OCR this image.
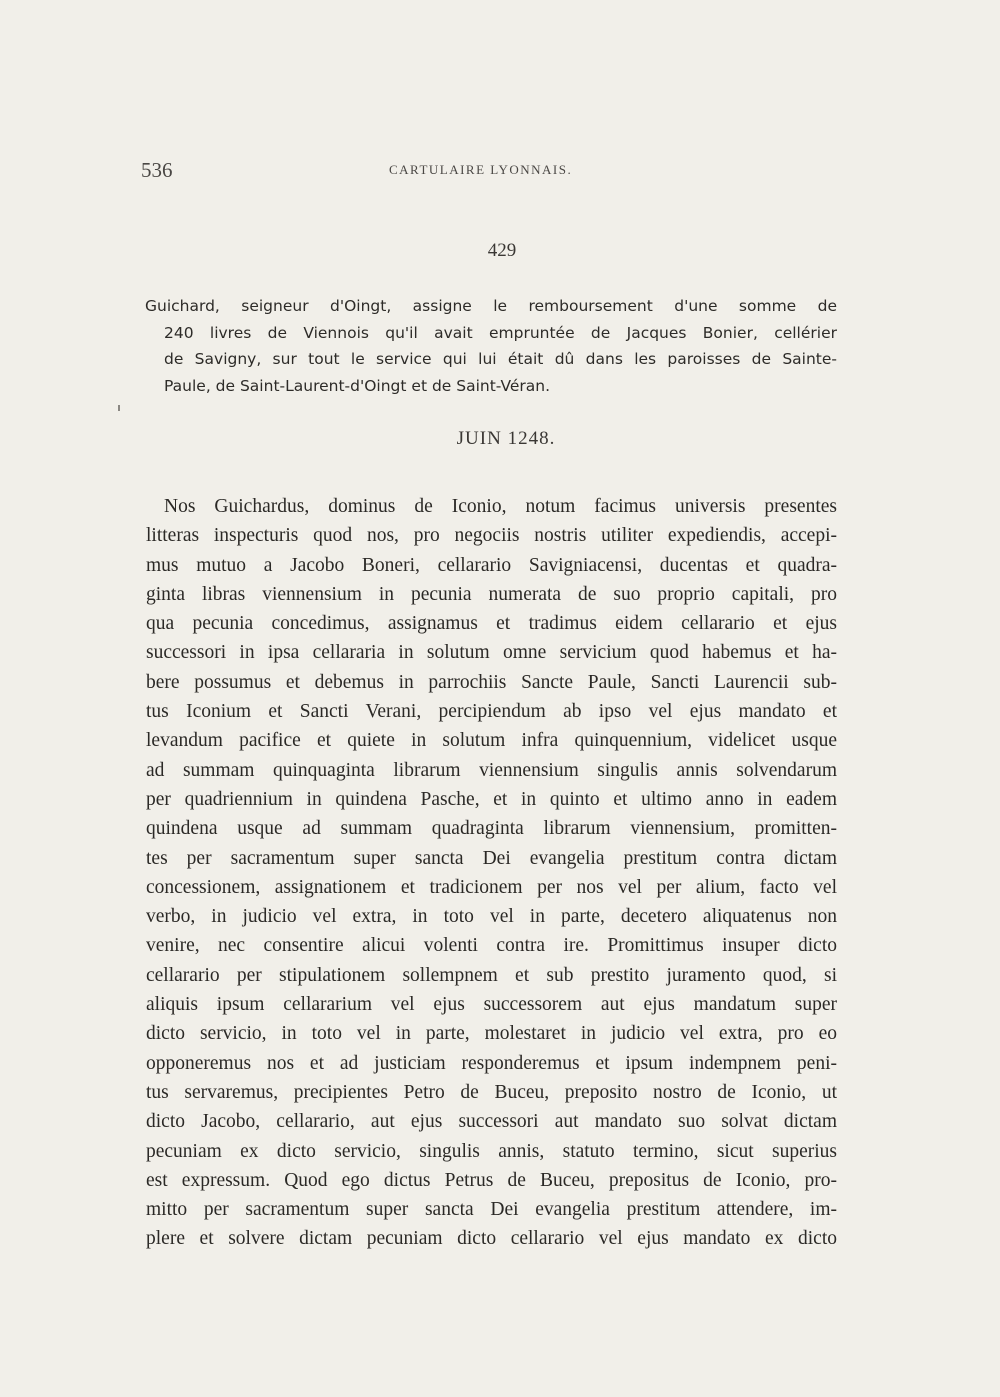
536	CARTULAIRE LYONNAIS.
429
Guichard, seigneur d'Oingt, assigne le remboursement d'une somme de
240 livres de Viennois qu'il avait empruntée de Jacques Bonier, cellérier
de Savigny, sur tout le service qui lui était dû dans les paroisses de Sainte-
Paule, de Saint-Laurent-d'Oingt et de Saint-Véran.
JUIN 1248.
Nos Guichardus, dominus de Iconio, notum facimus universis presentes
litteras inspecturis quod nos, pro negociis nostris utiliter expediendis, accepi-
mus mutuo a Jacobo Boneri, cellarario Savigniacensi, ducentas et quadra-
ginta libras viennensium in pecunia numerata de suo proprio capitali, pro
qua pecunia concedimus, assignamus et tradimus eidem cellarario et ejus
successori in ipsa cellararia in solutum omne servicium quod habemus et ha-
bere possumus et debemus in parrochiis Sancte Paule, Sancti Laurencii sub-
tus Iconium et Sancti Verani, percipiendum ab ipso vel ejus mandato et
levandum pacifice et quiete in solutum infra quinquennium, videlicet usque
ad summam quinquaginta librarum viennensium singulis annis solvendarum
per quadriennium in quindena Pasche, et in quinto et ultimo anno in eadem
quindena usque ad summam quadraginta librarum viennensium, promitten-
tes per sacramentum super sancta Dei evangelia prestitum contra dictam
concessionem, assignationem et tradicionem per nos vel per alium, facto vel
verbo, in judicio vel extra, in toto vel in parte, decetero aliquatenus non
venire, nec consentire alicui volenti contra ire. Promittimus insuper dicto
cellarario per stipulationem sollempnem et sub prestito juramento quod, si
aliquis ipsum cellararium vel ejus successorem aut ejus mandatum super
dicto servicio, in toto vel in parte, molestaret in judicio vel extra, pro eo
opponeremus nos et ad justiciam responderemus et ipsum indempnem peni-
tus servaremus, precipientes Petro de Buceu, preposito nostro de Iconio, ut
dicto Jacobo, cellarario, aut ejus successori aut mandato suo solvat dictam
pecuniam ex dicto servicio, singulis annis, statuto termino, sicut superius
est expressum. Quod ego dictus Petrus de Buceu, prepositus de Iconio, pro-
mitto per sacramentum super sancta Dei evangelia prestitum attendere, im-
plere et solvere dictam pecuniam dicto cellarario vel ejus mandato ex dicto
